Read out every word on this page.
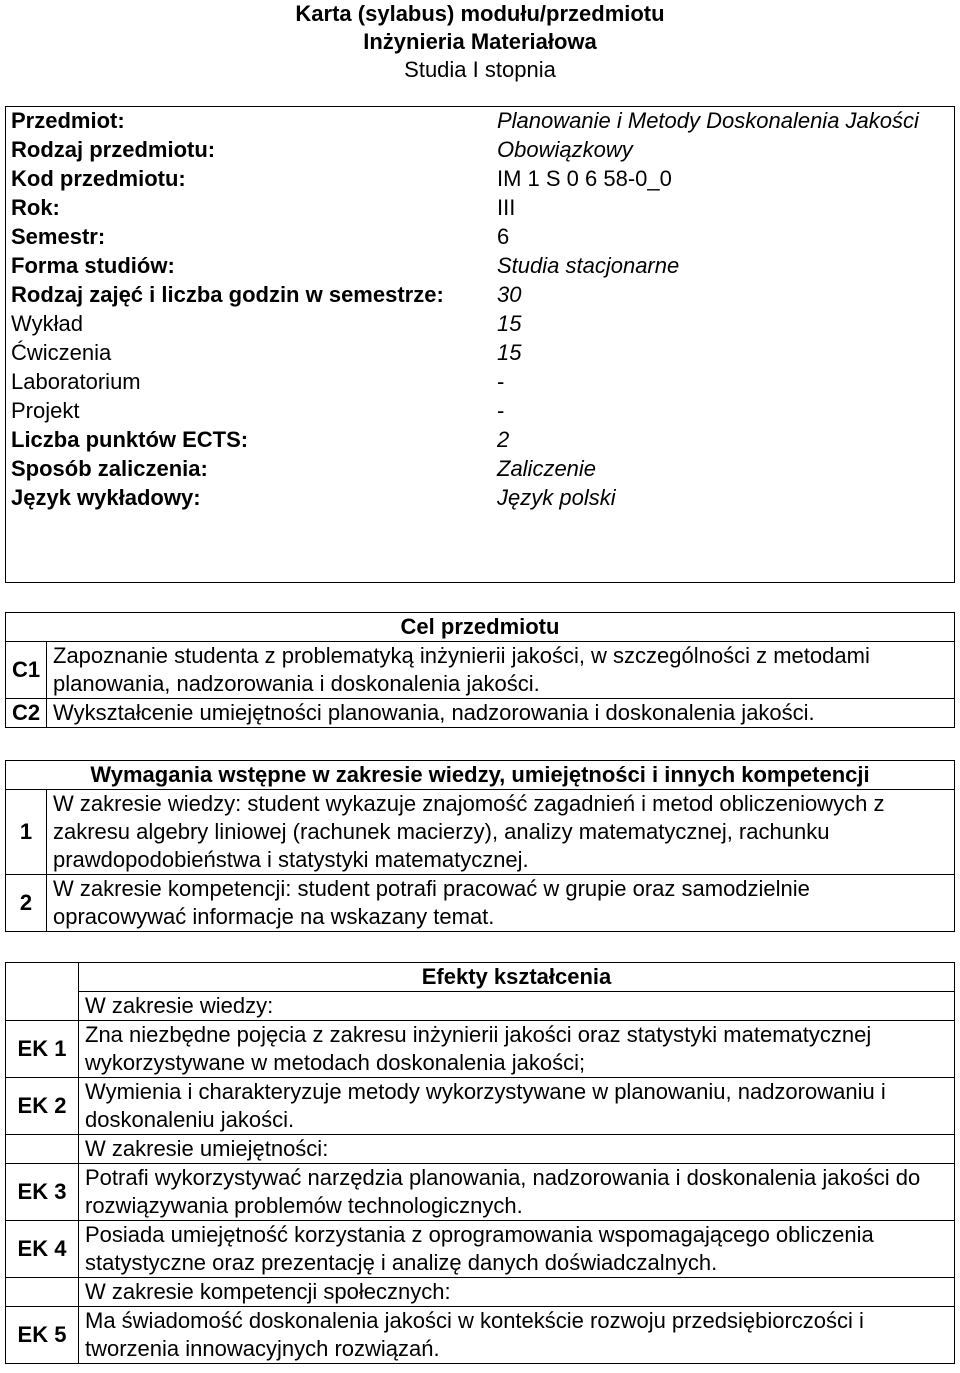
Karta (sylabus) modułu/przedmiotu
Inżynieria Materiałowa
Studia I stopnia
Przedmiot:	Planowanie i Metody Doskonalenia Jakości
Rodzaj przedmiotu:	Obowiązkowy
Kod przedmiotu:	IM 1 S 0 6 58-0_0
Rok:	III
Semestr:	6
Forma studiów:	Studia stacjonarne
Rodzaj zajęć i liczba godzin w semestrze:	30
Wykład	15
Ćwiczenia	15
Laboratorium	-
Projekt	-
Liczba punktów ECTS:	2
Sposób zaliczenia:	Zaliczenie
Język wykładowy:	Język polski
Cel przedmiotu	
C1	Zapoznanie studenta z problematyką inżynierii jakości, w szczególności z metodami planowania, nadzorowania i doskonalenia jakości.
C2	Wykształcenie umiejętności planowania, nadzorowania i doskonalenia jakości.
Wymagania wstępne w zakresie wiedzy, umiejętności i innych kompetencji	
1	W zakresie wiedzy: student wykazuje znajomość zagadnień i metod obliczeniowych z zakresu algebry liniowej (rachunek macierzy), analizy matematycznej, rachunku prawdopodobieństwa i statystyki matematycznej.
2	W zakresie kompetencji: student potrafi pracować w grupie oraz samodzielnie opracowywać informacje na wskazany temat.
	Efekty kształcenia
	W zakresie wiedzy:
EK 1	Zna niezbędne pojęcia z zakresu inżynierii jakości oraz statystyki matematycznej wykorzystywane w metodach doskonalenia jakości;
EK 2	Wymienia i charakteryzuje metody wykorzystywane w planowaniu, nadzorowaniu i doskonaleniu jakości.
	W zakresie umiejętności:
EK 3	Potrafi wykorzystywać narzędzia planowania, nadzorowania i doskonalenia jakości do rozwiązywania problemów technologicznych.
EK 4	Posiada umiejętność korzystania z oprogramowania wspomagającego obliczenia statystyczne oraz prezentację i analizę danych doświadczalnych.
	W zakresie kompetencji społecznych:
EK 5	Ma świadomość doskonalenia jakości w kontekście rozwoju przedsiębiorczości i tworzenia innowacyjnych rozwiązań.
